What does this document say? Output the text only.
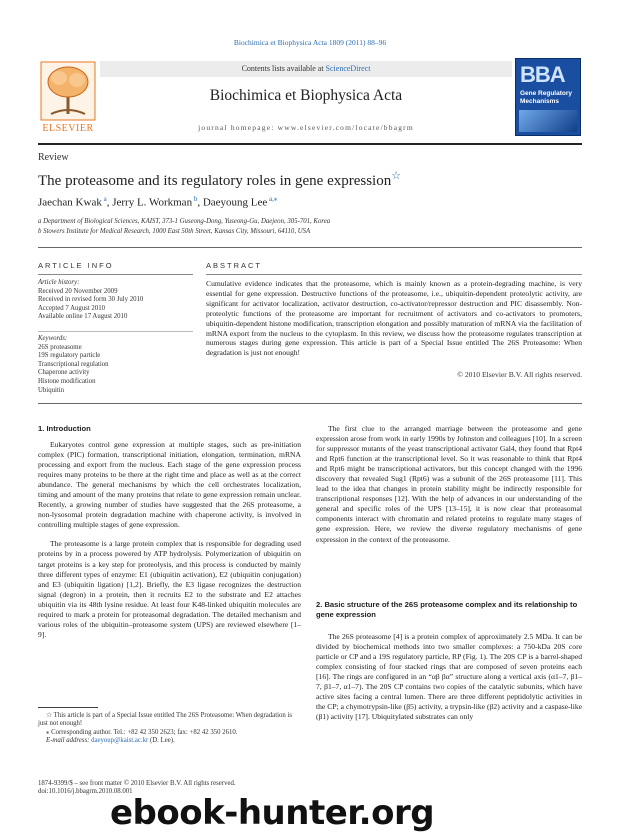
Biochimica et Biophysica Acta 1809 (2011) 88–96
ELSEVIER
Contents lists available at ScienceDirect
Biochimica et Biophysica Acta
journal homepage: www.elsevier.com/locate/bbagrm
BBA
Gene Regulatory Mechanisms
Review
The proteasome and its regulatory roles in gene expression☆
Jaechan Kwak $^a$, Jerry L. Workman $^b$, Daeyoung Lee $^{a,⁎}$
a Department of Biological Sciences, KAIST, 373-1 Guseong-Dong, Yuseong-Gu, Daejeon, 305-701, Korea
b Stowers Institute for Medical Research, 1000 East 50th Street, Kansas City, Missouri, 64110, USA
ARTICLE INFO	ABSTRACT
Article history:
Received 20 November 2009
Received in revised form 30 July 2010
Accepted 7 August 2010
Available online 17 August 2010
Keywords:
26S proteasome
19S regulatory particle
Transcriptional regulation
Chaperone activity
Histone modification
Ubiquitin
Cumulative evidence indicates that the proteasome, which is mainly known as a protein-degrading machine, is very essential for gene expression. Destructive functions of the proteasome, i.e., ubiquitin-dependent proteolytic activity, are significant for activator localization, activator destruction, co-activator/repressor destruction and PIC disassembly. Non-proteolytic functions of the proteasome are important for recruitment of activators and co-activators to promoters, ubiquitin-dependent histone modification, transcription elongation and possibly maturation of mRNA via the facilitation of mRNA export from the nucleus to the cytoplasm. In this review, we discuss how the proteasome regulates transcription at numerous stages during gene expression. This article is part of a Special Issue entitled The 26S Proteasome: When degradation is just not enough!
© 2010 Elsevier B.V. All rights reserved.
1. Introduction
Eukaryotes control gene expression at multiple stages, such as pre-initiation complex (PIC) formation, transcriptional initiation, elongation, termination, mRNA processing and export from the nucleus. Each stage of the gene expression process requires many proteins to be there at the right time and place as well as at the correct abundance. The general mechanisms by which the cell orchestrates localization, timing and amount of the many proteins that relate to gene expression remain unclear. Recently, a growing number of studies have suggested that the 26S proteasome, a non-lysosomal protein degradation machine with chaperone activity, is involved in controlling multiple stages of gene expression.
The proteasome is a large protein complex that is responsible for degrading used proteins by in a process powered by ATP hydrolysis. Polymerization of ubiquitin on target proteins is a key step for proteolysis, and this process is conducted by mainly three different types of enzyme: E1 (ubiquitin activation), E2 (ubiquitin conjugation) and E3 (ubiquitin ligation) [1,2]. Briefly, the E3 ligase recognizes the destruction signal (degron) in a protein, then it recruits E2 to the substrate and E2 attaches ubiquitin via its 48th lysine residue. At least four K48-linked ubiquitin molecules are required to mark a protein for proteasomal degradation. The detailed mechanism and various roles of the ubiquitin–proteasome system (UPS) are reviewed elsewhere [1–9].
The first clue to the arranged marriage between the proteasome and gene expression arose from work in early 1990s by Johnston and colleagues [10]. In a screen for suppressor mutants of the yeast transcriptional activator Gal4, they found that Rpt4 and Rpt6 function at the transcriptional level. So it was reasonable to think that Rpt4 and Rpt6 might be transcriptional activators, but this concept changed with the 1996 discovery that revealed Sug1 (Rpt6) was a subunit of the 26S proteasome [11]. This lead to the idea that changes in protein stability might be indirectly responsible for transcriptional responses [12]. With the help of advances in our understanding of the general and specific roles of the UPS [13–15], it is now clear that proteasomal components interact with chromatin and related proteins to regulate many stages of gene expression. Here, we review the diverse regulatory mechanisms of gene expression in the context of the proteasome.
2. Basic structure of the 26S proteasome complex and its relationship to gene expression
The 26S proteasome [4] is a protein complex of approximately 2.5 MDa. It can be divided by biochemical methods into two smaller complexes: a 750-kDa 20S core particle or CP and a 19S regulatory particle, RP (Fig. 1). The 20S CP is a barrel-shaped complex consisting of four stacked rings that are composed of seven proteins each [16]. The rings are configured in an “αβ βα” structure along a vertical axis (α1–7, β1–7, β1–7, α1–7). The 20S CP contains two copies of the catalytic subunits, which have active sites facing a central lumen. There are three different peptidolytic activities in the CP; a chymotrypsin-like (β5) activity, a trypsin-like (β2) activity and a caspase-like (β1) activity [17]. Ubiquitylated substrates can only
☆ This article is part of a Special Issue entitled The 26S Proteasome: When degradation is just not enough!
⁎ Corresponding author. Tel.: +82 42 350 2623; fax: +82 42 350 2610.
E-mail address: daeyoup@kaist.ac.kr (D. Lee).
1874-9399/$ – see front matter © 2010 Elsevier B.V. All rights reserved.
doi:10.1016/j.bbagrm.2010.08.001
ebook-hunter.org
